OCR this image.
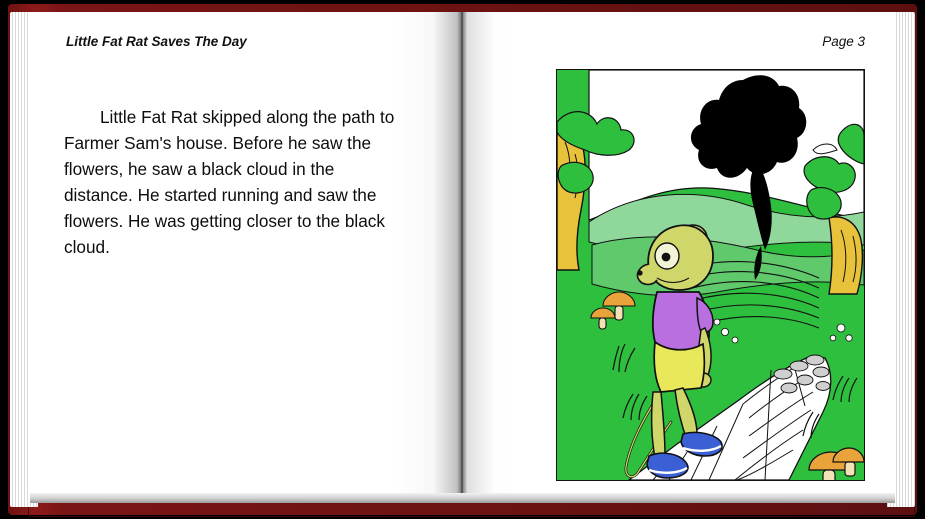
Little Fat Rat Saves The Day

Little Fat Rat skipped along the path to Farmer Sam's house. Before he saw the flowers, he saw a black cloud in the distance. He started running and saw the flowers. He was getting closer to the black cloud.

Page 3
